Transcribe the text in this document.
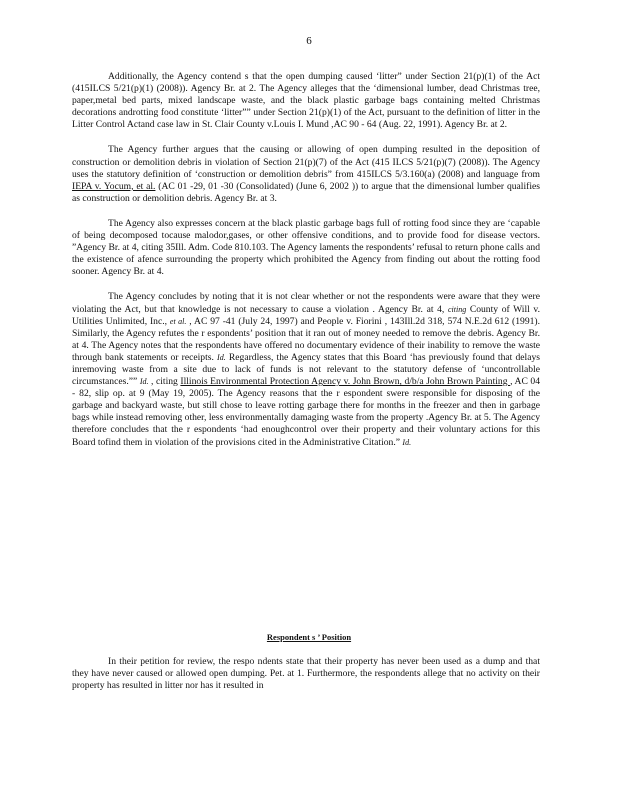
6

Additionally, the Agency contend s that the open dumping caused ‘litter” under Section 21(p)(1) of the Act (415ILCS 5/21(p)(1) (2008)). Agency Br. at 2. The Agency alleges that the ‘dimensional lumber, dead Christmas tree, paper,metal bed parts, mixed landscape waste, and the black plastic garbage bags containing melted Christmas decorations androtting food constitute ‘litter”” under Section 21(p)(1) of the Act, pursuant to the definition of litter in the Litter Control Actand case law in St. Clair County v.Louis I. Mund ,AC 90 - 64 (Aug. 22, 1991). Agency Br. at 2.

The Agency further argues that the causing or allowing of open dumping resulted in the deposition of construction or demolition debris in violation of Section 21(p)(7) of the Act (415 ILCS 5/21(p)(7) (2008)). The Agency uses the statutory definition of ‘construction or demolition debris” from 415ILCS 5/3.160(a) (2008) and language from IEPA v. Yocum, et al. (AC 01 -29, 01 -30 (Consolidated) (June 6, 2002 )) to argue that the dimensional lumber qualifies as construction or demolition debris. Agency Br. at 3.

The Agency also expresses concern at the black plastic garbage bags full of rotting food since they are ‘capable of being decomposed tocause malodor,gases, or other offensive conditions, and to provide food for disease vectors. ”Agency Br. at 4, citing 35Ill. Adm. Code 810.103. The Agency laments the respondents’ refusal to return phone calls and the existence of afence surrounding the property which prohibited the Agency from finding out about the rotting food sooner. Agency Br. at 4.

The Agency concludes by noting that it is not clear whether or not the respondents were aware that they were violating the Act, but that knowledge is not necessary to cause a violation . Agency Br. at 4, citing County of Will v. Utilities Unlimited, Inc., et al. , AC 97 -41 (July 24, 1997) and People v. Fiorini , 143Ill.2d 318, 574 N.E.2d 612 (1991). Similarly, the Agency refutes the r espondents’ position that it ran out of money needed to remove the debris. Agency Br. at 4. The Agency notes that the respondents have offered no documentary evidence of their inability to remove the waste through bank statements or receipts. Id. Regardless, the Agency states that this Board ‘has previously found that delays inremoving waste from a site due to lack of funds is not relevant to the statutory defense of ‘uncontrollable circumstances.”” Id. , citing Illinois Environmental Protection Agency v. John Brown, d/b/a John Brown Painting , AC 04 - 82, slip op. at 9 (May 19, 2005). The Agency reasons that the r espondent swere responsible for disposing of the garbage and backyard waste, but still chose to leave rotting garbage there for months in the freezer and then in garbage bags while instead removing other, less environmentally damaging waste from the property .Agency Br. at 5. The Agency therefore concludes that the r espondents ‘had enoughcontrol over their property and their voluntary actions for this Board tofind them in violation of the provisions cited in the Administrative Citation.” Id.

Respondent s ’ Position

In their petition for review, the respo ndents state that their property has never been used as a dump and that they have never caused or allowed open dumping. Pet. at 1. Furthermore, the respondents allege that no activity on their property has resulted in litter nor has it resulted in
